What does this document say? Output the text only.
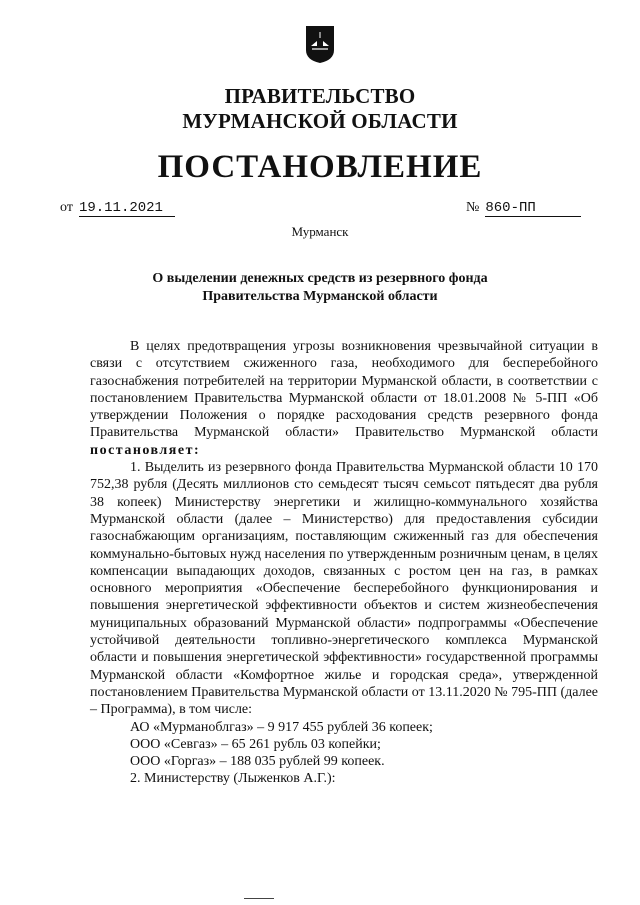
ПРАВИТЕЛЬСТВО
МУРМАНСКОЙ ОБЛАСТИ
ПОСТАНОВЛЕНИЕ
от 19.11.2021	№ 860-ПП
Мурманск
О выделении денежных средств из резервного фонда
Правительства Мурманской области

В целях предотвращения угрозы возникновения чрезвычайной ситуации в связи с отсутствием сжиженного газа, необходимого для бесперебойного газоснабжения потребителей на территории Мурманской области, в соответствии с постановлением Правительства Мурманской области от 18.01.2008 № 5-ПП «Об утверждении Положения о порядке расходования средств резервного фонда Правительства Мурманской области» Правительство Мурманской области постановляет:

1. Выделить из резервного фонда Правительства Мурманской области 10 170 752,38 рубля (Десять миллионов сто семьдесят тысяч семьсот пятьдесят два рубля 38 копеек) Министерству энергетики и жилищно-коммунального хозяйства Мурманской области (далее – Министерство) для предоставления субсидии газоснабжающим организациям, поставляющим сжиженный газ для обеспечения коммунально-бытовых нужд населения по утвержденным розничным ценам, в целях компенсации выпадающих доходов, связанных с ростом цен на газ, в рамках основного мероприятия «Обеспечение бесперебойного функционирования и повышения энергетической эффективности объектов и систем жизнеобеспечения муниципальных образований Мурманской области» подпрограммы «Обеспечение устойчивой деятельности топливно-энергетического комплекса Мурманской области и повышения энергетической эффективности» государственной программы Мурманской области «Комфортное жилье и городская среда», утвержденной постановлением Правительства Мурманской области от 13.11.2020 № 795-ПП (далее – Программа), в том числе:

АО «Мурманоблгаз» – 9 917 455 рублей 36 копеек;

ООО «Севгаз» – 65 261 рубль 03 копейки;

ООО «Горгаз» – 188 035 рублей 99 копеек.

2. Министерству (Лыженков А.Г.):
